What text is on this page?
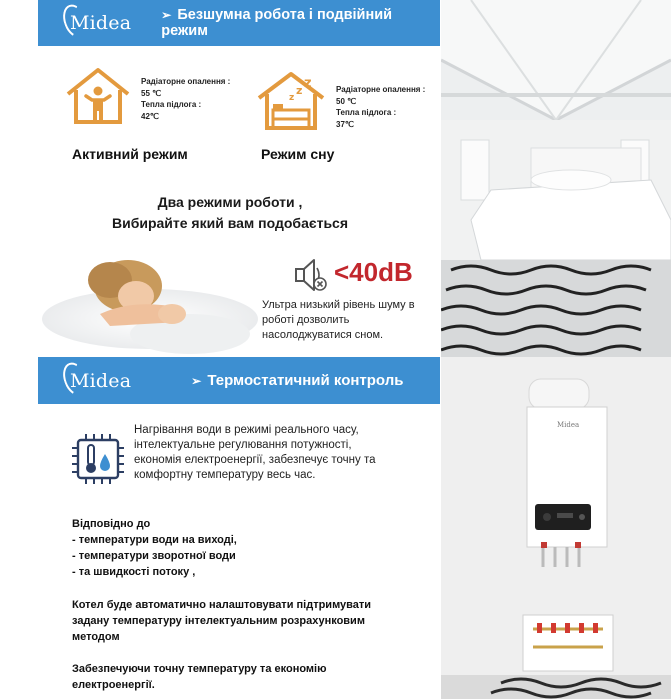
Midea	➢ Безшумна робота і подвійний режим
Радіаторне опалення :
55 ℃
Тепла підлога :
42℃
Активний режим
z
z z	Радіаторне опалення :
50 ℃
Тепла підлога :
37℃
Режим сну
Два режими роботи ,
Вибирайте який вам подобається
<40dB
Ультра низький рівень шуму в роботі дозволить насолоджуватися сном.
Midea	➢ Термостатичний контроль
Нагрівання води в режимі реального часу, інтелектуальне регулювання потужності, економія електроенергії, забезпечує точну та комфортну температуру весь час.
Відповідно до
- температури води на виході,
- температури зворотної води
- та швидкості потоку ,
Котел буде автоматично налаштовувати підтримувати
задану температуру інтелектуальним розрахунковим
методом
Забезпечуючи точну температуру та економію
електроенергії.
Midea
